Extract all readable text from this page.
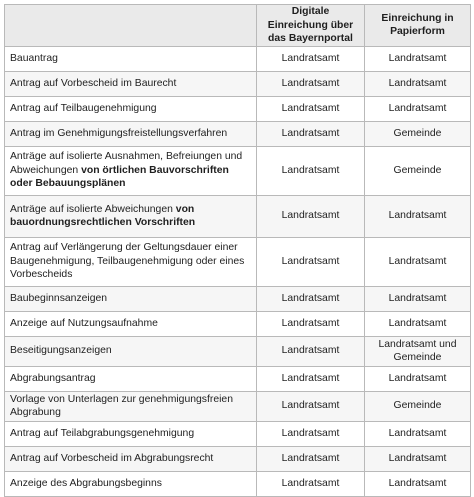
	Digitale Einreichung über das Bayernportal	Einreichung in Papierform
Bauantrag	Landratsamt	Landratsamt
Antrag auf Vorbescheid im Baurecht	Landratsamt	Landratsamt
Antrag auf Teilbaugenehmigung	Landratsamt	Landratsamt
Antrag im Genehmigungsfreistellungsverfahren	Landratsamt	Gemeinde
Anträge auf isolierte Ausnahmen, Befreiungen und Abweichungen von örtlichen Bauvorschriften oder Bebauungsplänen	Landratsamt	Gemeinde
Anträge auf isolierte Abweichungen von bauordnungsrechtlichen Vorschriften	Landratsamt	Landratsamt
Antrag auf Verlängerung der Geltungsdauer einer Baugenehmigung, Teilbaugenehmigung oder eines Vorbescheids	Landratsamt	Landratsamt
Baubeginnsanzeigen	Landratsamt	Landratsamt
Anzeige auf Nutzungsaufnahme	Landratsamt	Landratsamt
Beseitigungsanzeigen	Landratsamt	Landratsamt und Gemeinde
Abgrabungsantrag	Landratsamt	Landratsamt
Vorlage von Unterlagen zur genehmigungsfreien Abgrabung	Landratsamt	Gemeinde
Antrag auf Teilabgrabungsgenehmigung	Landratsamt	Landratsamt
Antrag auf Vorbescheid im Abgrabungsrecht	Landratsamt	Landratsamt
Anzeige des Abgrabungsbeginns	Landratsamt	Landratsamt
